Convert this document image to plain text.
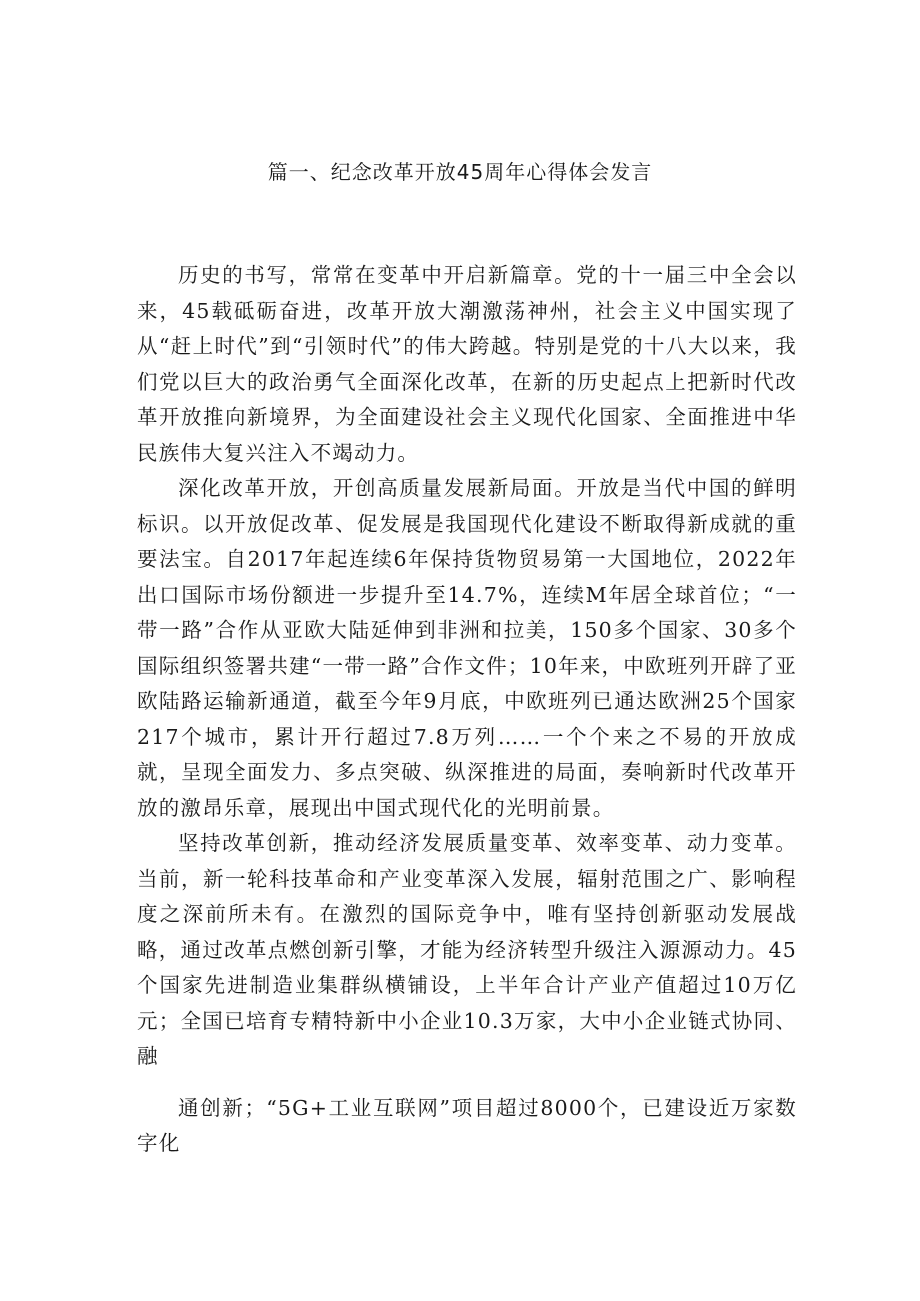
篇一、纪念改革开放45周年心得体会发言

历史的书写，常常在变革中开启新篇章。党的十一届三中全会以来，45载砥砺奋进，改革开放大潮激荡神州，社会主义中国实现了从“赶上时代”到“引领时代”的伟大跨越。特别是党的十八大以来，我们党以巨大的政治勇气全面深化改革，在新的历史起点上把新时代改革开放推向新境界，为全面建设社会主义现代化国家、全面推进中华民族伟大复兴注入不竭动力。

深化改革开放，开创高质量发展新局面。开放是当代中国的鲜明标识。以开放促改革、促发展是我国现代化建设不断取得新成就的重要法宝。自2017年起连续6年保持货物贸易第一大国地位，2022年出口国际市场份额进一步提升至14.7%，连续M年居全球首位；“一带一路”合作从亚欧大陆延伸到非洲和拉美，150多个国家、30多个国际组织签署共建“一带一路”合作文件；10年来，中欧班列开辟了亚欧陆路运输新通道，截至今年9月底，中欧班列已通达欧洲25个国家217个城市，累计开行超过7.8万列……一个个来之不易的开放成就，呈现全面发力、多点突破、纵深推进的局面，奏响新时代改革开放的激昂乐章，展现出中国式现代化的光明前景。

坚持改革创新，推动经济发展质量变革、效率变革、动力变革。当前，新一轮科技革命和产业变革深入发展，辐射范围之广、影响程度之深前所未有。在激烈的国际竞争中，唯有坚持创新驱动发展战略，通过改革点燃创新引擎，才能为经济转型升级注入源源动力。45个国家先进制造业集群纵横铺设，上半年合计产业产值超过10万亿元；全国已培育专精特新中小企业10.3万家，大中小企业链式协同、融

通创新；“5G+工业互联网”项目超过8000个，已建设近万家数字化
